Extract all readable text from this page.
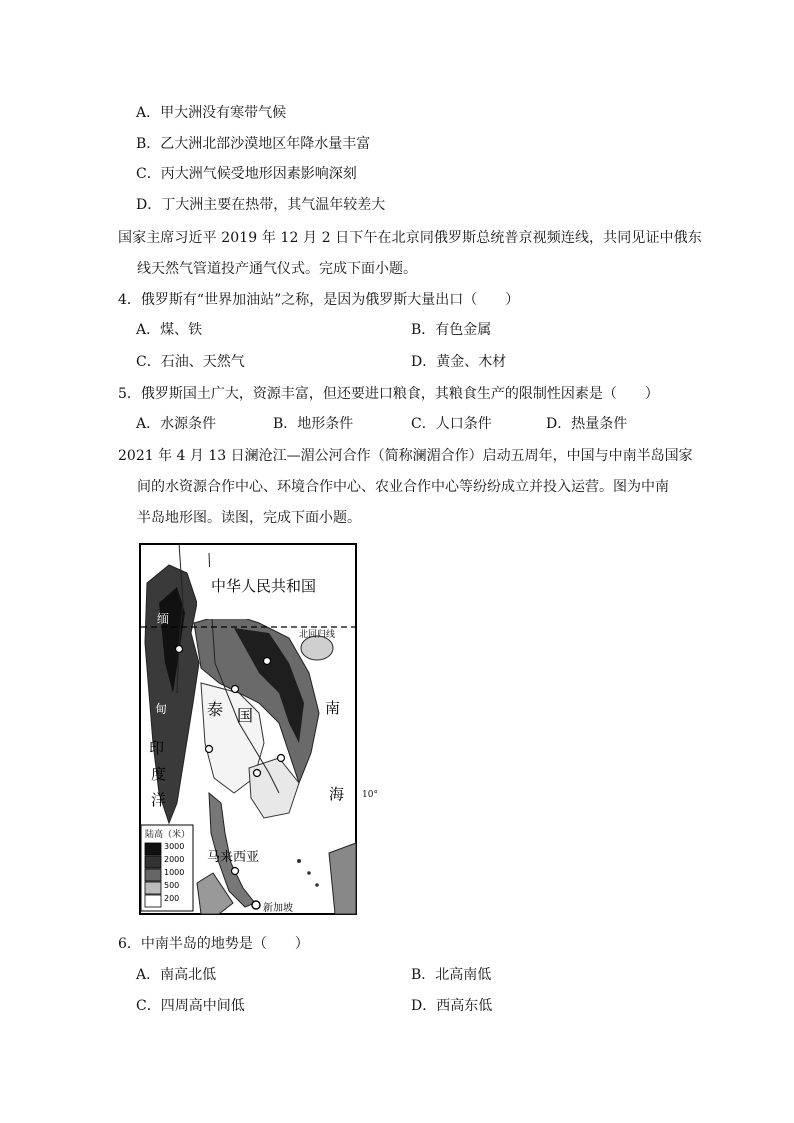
A．甲大洲没有寒带气候
B．乙大洲北部沙漠地区年降水量丰富
C．丙大洲气候受地形因素影响深刻
D．丁大洲主要在热带，其气温年较差大
国家主席习近平 2019 年 12 月 2 日下午在北京同俄罗斯总统普京视频连线，共同见证中俄东
线天然气管道投产通气仪式。完成下面小题。
4．俄罗斯有“世界加油站”之称，是因为俄罗斯大量出口（　　）
A．煤、铁	B．有色金属
C．石油、天然气	D．黄金、木材
5．俄罗斯国土广大，资源丰富，但还要进口粮食，其粮食生产的限制性因素是（　　）
A．水源条件	B．地形条件	C．人口条件	D．热量条件
2021 年 4 月 13 日澜沧江—湄公河合作（简称澜湄合作）启动五周年，中国与中南半岛国家
间的水资源合作中心、环境合作中心、农业合作中心等纷纷成立并投入运营。图为中南
半岛地形图。读图，完成下面小题。
中华人民共和国
北回归线
泰 国	南
海
印
度
洋
缅
甸
马来西亚
新加坡
陆高（米）
3000
2000
1000
500
200
10°
6．中南半岛的地势是（　　）
A．南高北低	B．北高南低
C．四周高中间低	D．西高东低
